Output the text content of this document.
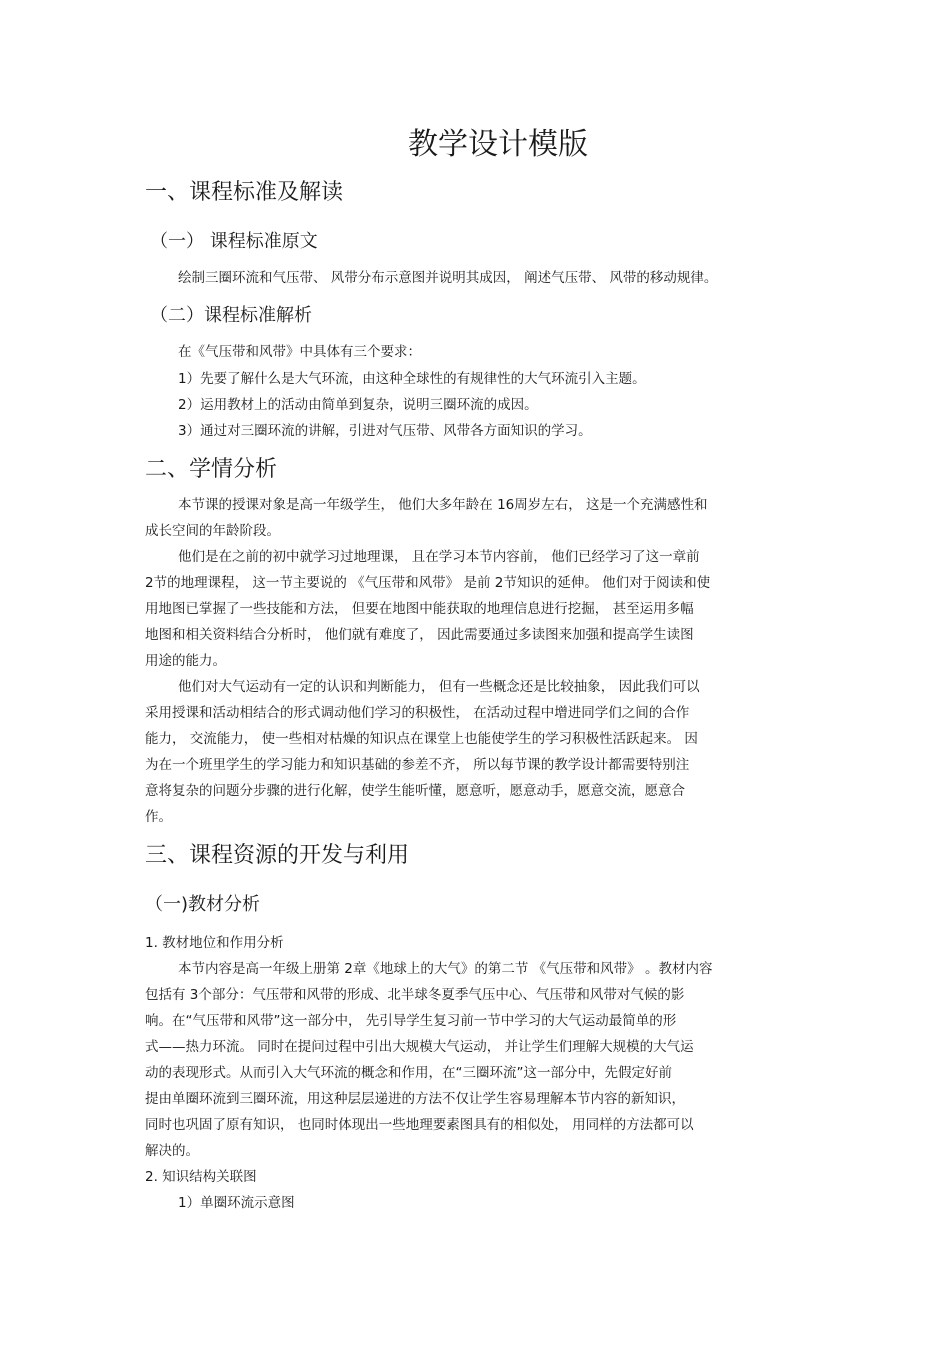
教学设计模版
一、课程标准及解读
（一） 课程标准原文
绘制三圈环流和气压带、 风带分布示意图并说明其成因， 阐述气压带、 风带的移动规律。
（二）课程标准解析
在《气压带和风带》中具体有三个要求：
1）先要了解什么是大气环流，由这种全球性的有规律性的大气环流引入主题。
2）运用教材上的活动由简单到复杂，说明三圈环流的成因。
3）通过对三圈环流的讲解，引进对气压带、风带各方面知识的学习。
二、学情分析
本节课的授课对象是高一年级学生， 他们大多年龄在 16周岁左右， 这是一个充满感性和
成长空间的年龄阶段。
他们是在之前的初中就学习过地理课， 且在学习本节内容前， 他们已经学习了这一章前
2节的地理课程， 这一节主要说的 《气压带和风带》 是前 2节知识的延伸。 他们对于阅读和使
用地图已掌握了一些技能和方法， 但要在地图中能获取的地理信息进行挖掘， 甚至运用多幅
地图和相关资料结合分析时， 他们就有难度了， 因此需要通过多读图来加强和提高学生读图
用途的能力。
他们对大气运动有一定的认识和判断能力， 但有一些概念还是比较抽象， 因此我们可以
采用授课和活动相结合的形式调动他们学习的积极性， 在活动过程中增进同学们之间的合作
能力， 交流能力， 使一些相对枯燥的知识点在课堂上也能使学生的学习积极性活跃起来。 因
为在一个班里学生的学习能力和知识基础的参差不齐， 所以每节课的教学设计都需要特别注
意将复杂的问题分步骤的进行化解，使学生能听懂，愿意听，愿意动手，愿意交流，愿意合
作。
三、课程资源的开发与利用
（一)教材分析
1. 教材地位和作用分析
本节内容是高一年级上册第 2章《地球上的大气》的第二节 《气压带和风带》 。教材内容
包括有 3个部分：气压带和风带的形成、北半球冬夏季气压中心、气压带和风带对气候的影
响。在“气压带和风带”这一部分中， 先引导学生复习前一节中学习的大气运动最简单的形
式——热力环流。 同时在提问过程中引出大规模大气运动， 并让学生们理解大规模的大气运
动的表现形式。从而引入大气环流的概念和作用，在“三圈环流”这一部分中，先假定好前
提由单圈环流到三圈环流，用这种层层递进的方法不仅让学生容易理解本节内容的新知识，
同时也巩固了原有知识， 也同时体现出一些地理要素图具有的相似处， 用同样的方法都可以
解决的。
2. 知识结构关联图
1）单圈环流示意图
